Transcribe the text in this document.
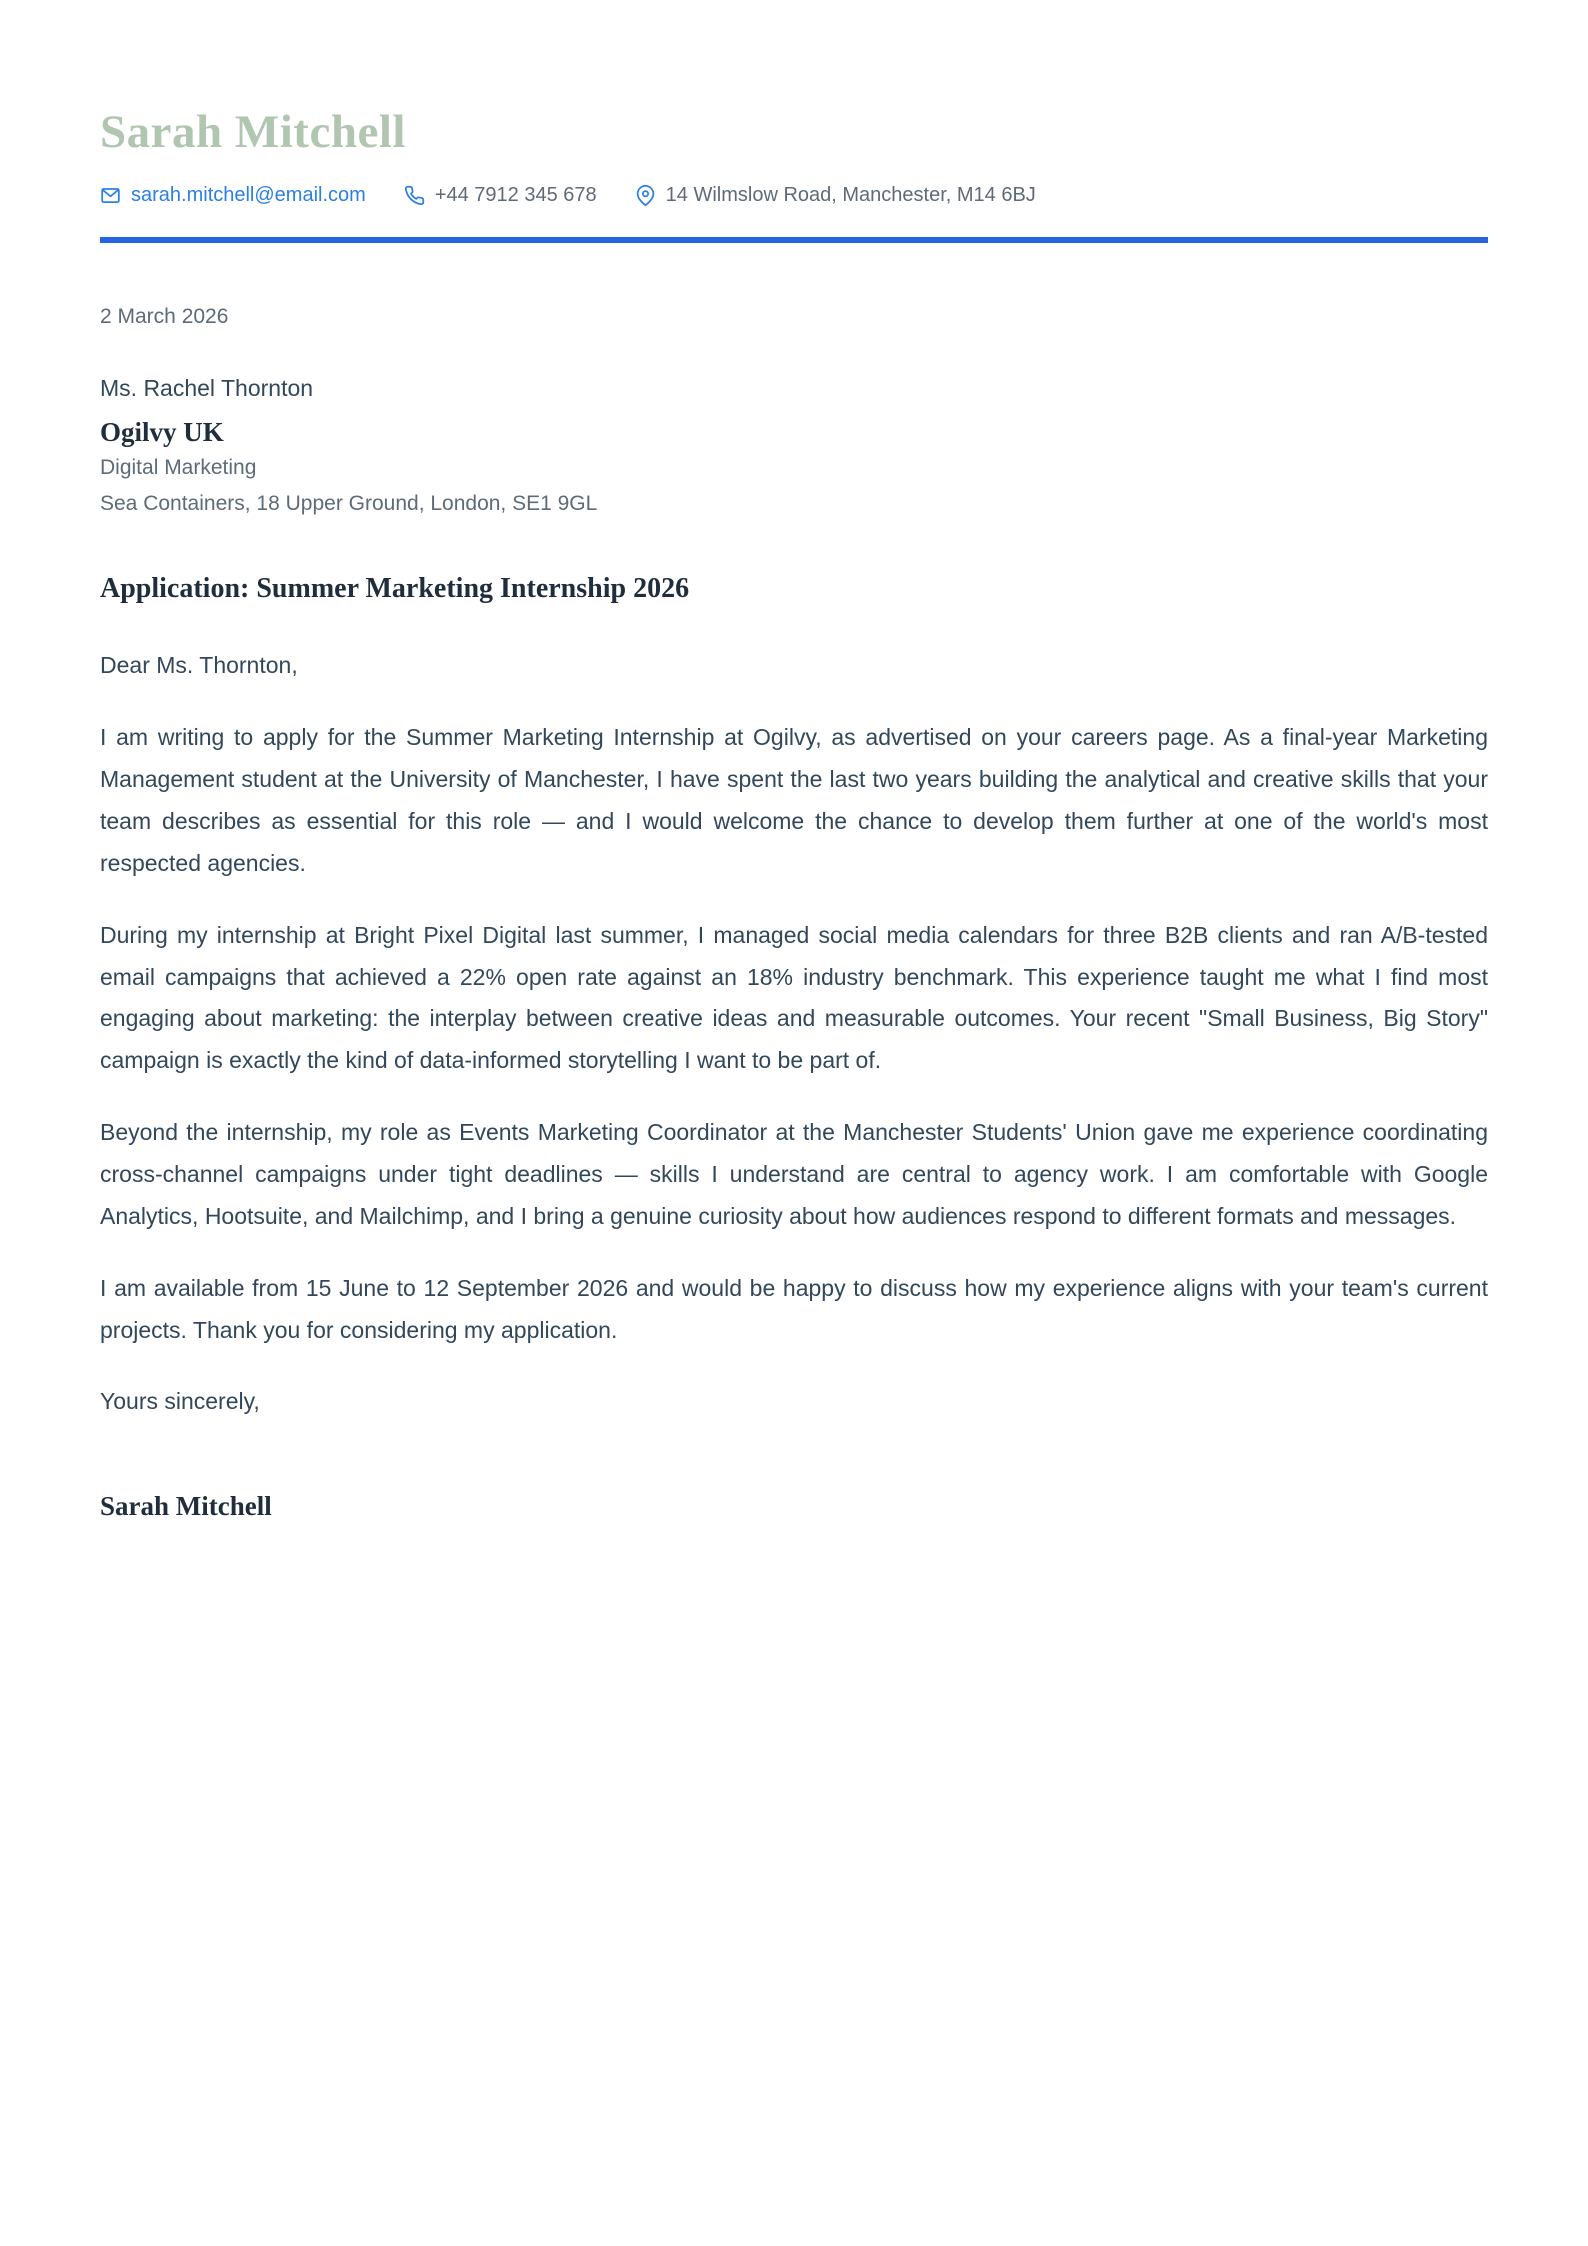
Sarah Mitchell
sarah.mitchell@email.com	+44 7912 345 678	14 Wilmslow Road, Manchester, M14 6BJ
2 March 2026
Ms. Rachel Thornton
Ogilvy UK
Digital Marketing
Sea Containers, 18 Upper Ground, London, SE1 9GL
Application: Summer Marketing Internship 2026
Dear Ms. Thornton,

I am writing to apply for the Summer Marketing Internship at Ogilvy, as advertised on your careers page. As a final-year Marketing Management student at the University of Manchester, I have spent the last two years building the analytical and creative skills that your team describes as essential for this role — and I would welcome the chance to develop them further at one of the world's most respected agencies.

During my internship at Bright Pixel Digital last summer, I managed social media calendars for three B2B clients and ran A/B-tested email campaigns that achieved a 22% open rate against an 18% industry benchmark. This experience taught me what I find most engaging about marketing: the interplay between creative ideas and measurable outcomes. Your recent "Small Business, Big Story" campaign is exactly the kind of data-informed storytelling I want to be part of.

Beyond the internship, my role as Events Marketing Coordinator at the Manchester Students' Union gave me experience coordinating cross-channel campaigns under tight deadlines — skills I understand are central to agency work. I am comfortable with Google Analytics, Hootsuite, and Mailchimp, and I bring a genuine curiosity about how audiences respond to different formats and messages.

I am available from 15 June to 12 September 2026 and would be happy to discuss how my experience aligns with your team's current projects. Thank you for considering my application.

Yours sincerely,
Sarah Mitchell
